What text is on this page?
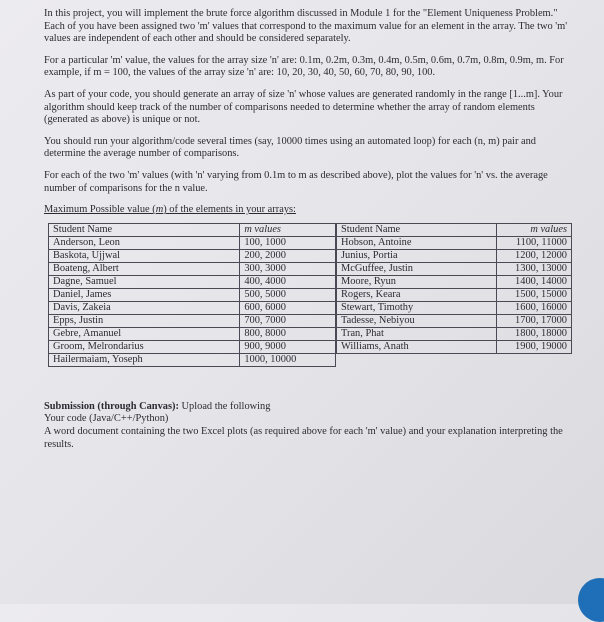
In this project, you will implement the brute force algorithm discussed in Module 1 for the "Element Uniqueness Problem." Each of you have been assigned two 'm' values that correspond to the maximum value for an element in the array. The two 'm' values are independent of each other and should be considered separately.

For a particular 'm' value, the values for the array size 'n' are: 0.1m, 0.2m, 0.3m, 0.4m, 0.5m, 0.6m, 0.7m, 0.8m, 0.9m, m. For example, if m = 100, the values of the array size 'n' are: 10, 20, 30, 40, 50, 60, 70, 80, 90, 100.

As part of your code, you should generate an array of size 'n' whose values are generated randomly in the range [1...m]. Your algorithm should keep track of the number of comparisons needed to determine whether the array of random elements (generated as above) is unique or not.

You should run your algorithm/code several times (say, 10000 times using an automated loop) for each (n, m) pair and determine the average number of comparisons.

For each of the two 'm' values (with 'n' varying from 0.1m to m as described above), plot the values for 'n' vs. the average number of comparisons for the n value.

Maximum Possible value (m) of the elements in your arrays:

Student Name	m values
Anderson, Leon	100, 1000
Baskota, Ujjwal	200, 2000
Boateng, Albert	300, 3000
Dagne, Samuel	400, 4000
Daniel, James	500, 5000
Davis, Zakeia	600, 6000
Epps, Justin	700, 7000
Gebre, Amanuel	800, 8000
Groom, Melrondarius	900, 9000
Hailermaiam, Yoseph	1000, 10000
Student Name	m values
Hobson, Antoine	1100, 11000
Junius, Portia	1200, 12000
McGuffee, Justin	1300, 13000
Moore, Ryun	1400, 14000
Rogers, Keara	1500, 15000
Stewart, Timothy	1600, 16000
Tadesse, Nebiyou	1700, 17000
Tran, Phat	1800, 18000
Williams, Anath	1900, 19000

Submission (through Canvas): Upload the following

Your code (Java/C++/Python)

A word document containing the two Excel plots (as required above for each 'm' value) and your explanation interpreting the results.
